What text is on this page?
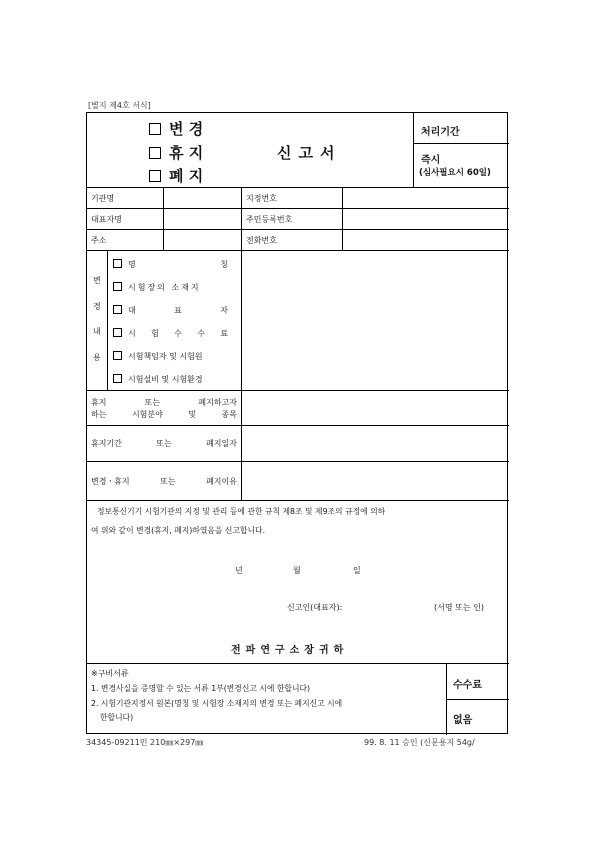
[별지 제4호 서식]
변 경
휴 지
폐 지
신고서
처리기간
즉시
(심사필요시 60일)
기관명	지정번호
대표자명	주민등록번호
주소	전화번호
변
경
내
용
명	칭
시험장의 소재지
대	표	자
시 험 수 수 료
시험책임자 및 시험원
시험설비 및 시험환경
휴지	또는	폐지하고자
하는	시험분야	및	종목
휴지기간	또는	폐지일자
변경ㆍ휴지	또는	폐지이유
정보통신기기 시험기관의 지정 및 관리 등에 관한 규칙 제8조 및 제9조의 규정에 의하
여 위와 같이 변경(휴지, 폐지)하였음을 신고합니다.
년	월	일
신고인(대표자):	(서명 또는 인)
전파연구소장귀하
※구비서류
1. 변경사실을 증명할 수 있는 서류 1부(변경신고 시에 한합니다)
2. 시험기관지정서 원본(명칭 및 시험장 소재지의 변경 또는 폐지신고 시에
한합니다)
수수료
없음
34345-09211민 210㎜×297㎜	99. 8. 11 승인 (신문용지 54g/
